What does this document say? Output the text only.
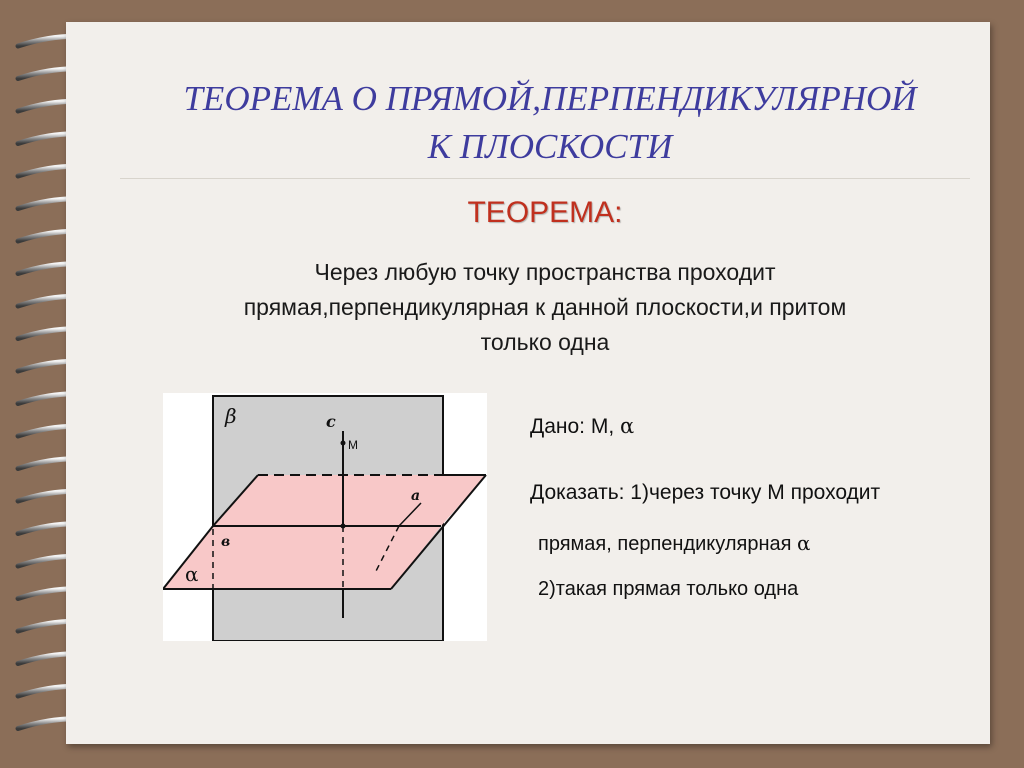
ТЕОРЕМА О ПРЯМОЙ,ПЕРПЕНДИКУЛЯРНОЙ
К ПЛОСКОСТИ
ТЕОРЕМА:
Через любую точку пространства проходит
прямая,перпендикулярная к данной плоскости,и притом
только одна
β	c
M
a
в
α
Дано: М, α
Доказать: 1)через точку М проходит
прямая, перпендикулярная α
2)такая прямая только одна
